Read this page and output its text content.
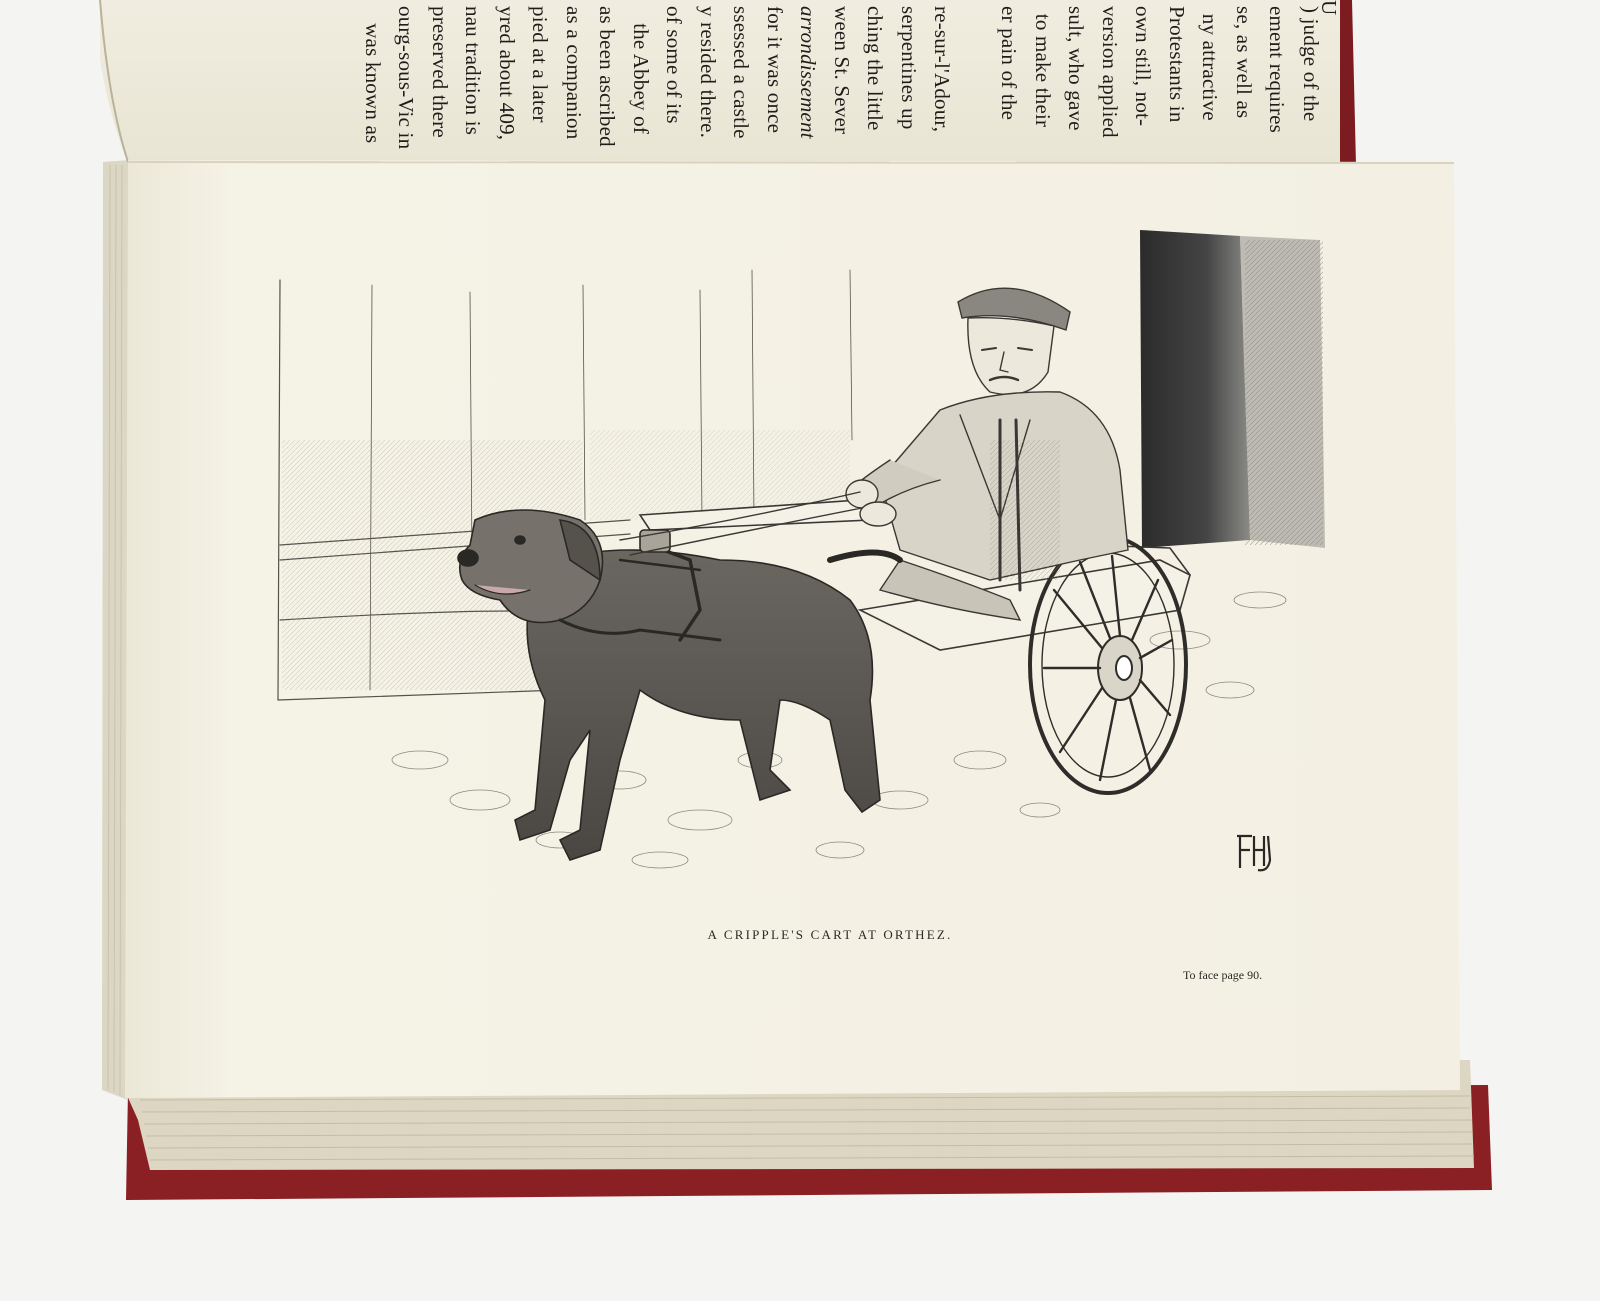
U
) judge of the
ement requires
se, as well as
ny attractive
Protestants in
own still, not-
version applied
sult, who gave
to make their
er pain of the
re-sur-l'Adour,
serpentines up
ching the little
ween St. Sever
arrondissement
for it was once
ssessed a castle
y resided there.
of some of its
the Abbey of
as been ascribed
as a companion
pied at a later
yred about 409,
nau tradition is
preserved there
ourg-sous-Vic in
was known as
A CRIPPLE'S CART AT ORTHEZ.
To face page 90.
